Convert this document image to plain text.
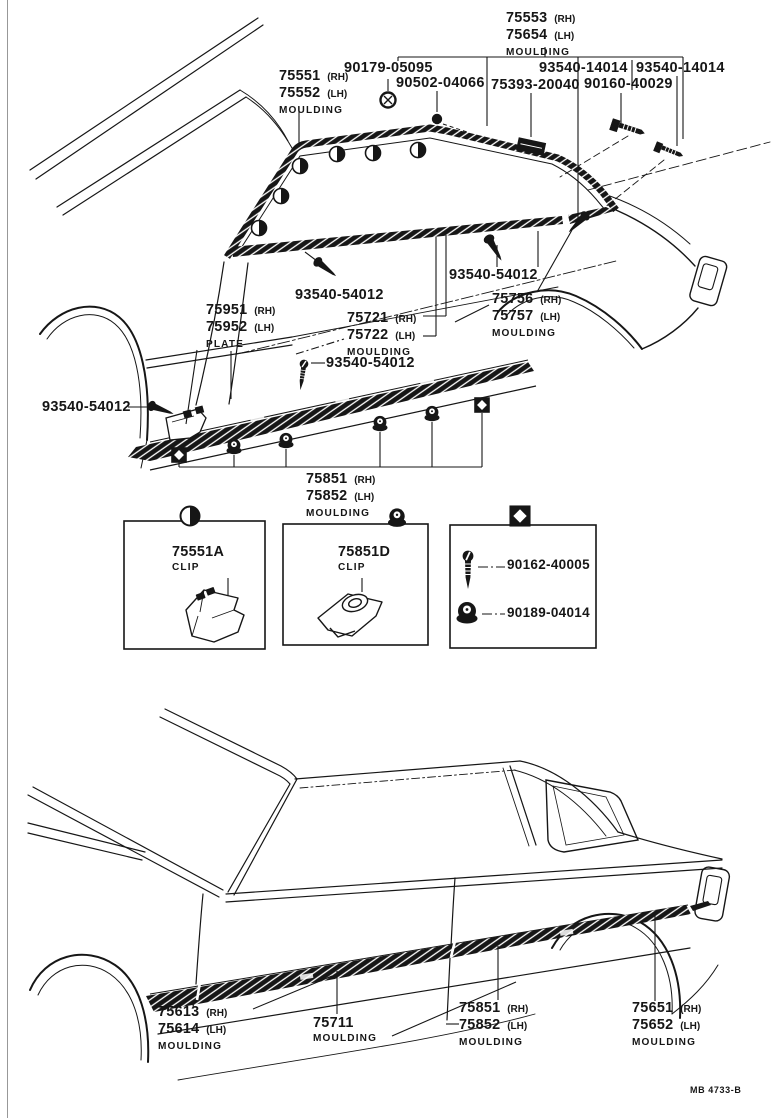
75553 (RH)
75654 (LH)
MOULDING
90179-05095
90502-04066 75393-20040
93540-14014
90160-40029
93540-14014
75551 (RH)
75552 (LH)
MOULDING
93540-54012
93540-54012
75951 (RH)
75952 (LH)
PLATE
75721 (RH)
75722 (LH)
MOULDING
75756 (RH)
75757 (LH)
MOULDING
93540-54012
93540-54012
75851 (RH)
75852 (LH)
MOULDING
75551A
CLIP
75851D
CLIP	90162-40005
90189-04014
75613 (RH)
75614 (LH)
MOULDING
75711
MOULDING
75851 (RH)
75852 (LH)
MOULDING
75651 (RH)
75652 (LH)
MOULDING
MB 4733-B
